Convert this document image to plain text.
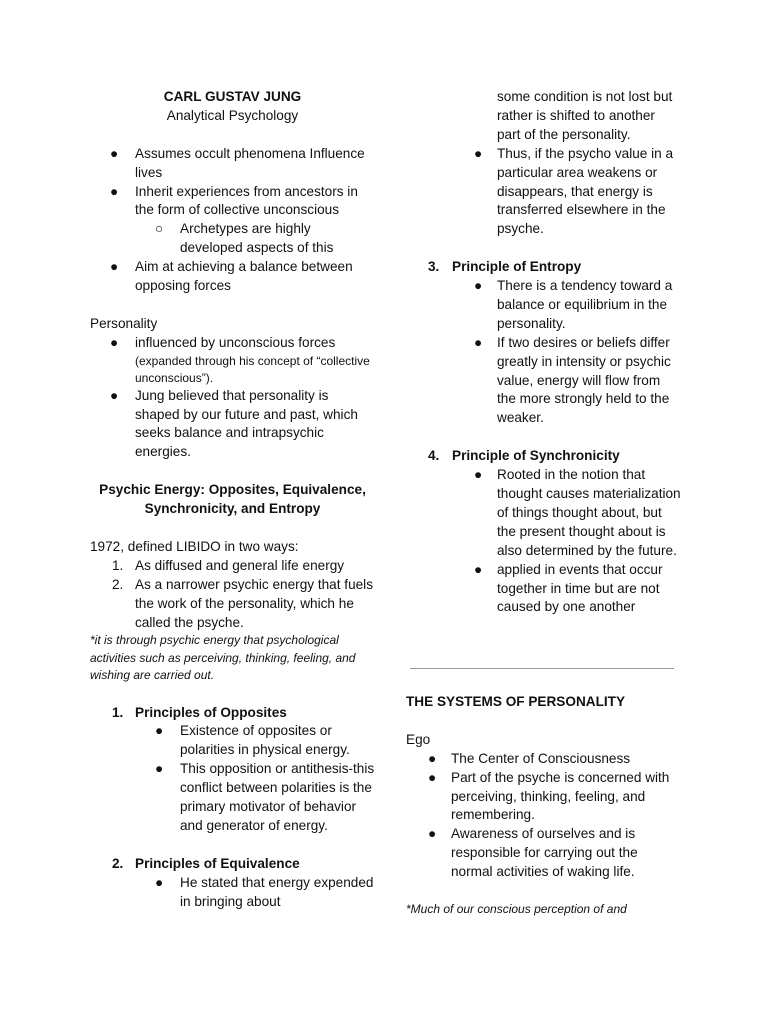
CARL GUSTAV JUNG
Analytical Psychology
● Assumes occult phenomena Influence lives
● Inherit experiences from ancestors in the form of collective unconscious
○ Archetypes are highly developed aspects of this
● Aim at achieving a balance between opposing forces
Personality
● influenced by unconscious forces
(expanded through his concept of “collective unconscious”).
● Jung believed that personality is shaped by our future and past, which seeks balance and intrapsychic energies.
Psychic Energy: Opposites, Equivalence, Synchronicity, and Entropy
1972, defined LIBIDO in two ways:
1. As diffused and general life energy
2. As a narrower psychic energy that fuels the work of the personality, which he called the psyche.
*it is through psychic energy that psychological activities such as perceiving, thinking, feeling, and wishing are carried out.
1. Principles of Opposites
● Existence of opposites or polarities in physical energy.
● This opposition or antithesis-this conflict between polarities is the primary motivator of behavior and generator of energy.
2. Principles of Equivalence
● He stated that energy expended in bringing about
some condition is not lost but rather is shifted to another part of the personality.
● Thus, if the psycho value in a particular area weakens or disappears, that energy is transferred elsewhere in the psyche.
3. Principle of Entropy
● There is a tendency toward a balance or equilibrium in the personality.
● If two desires or beliefs differ greatly in intensity or psychic value, energy will flow from the more strongly held to the weaker.
4. Principle of Synchronicity
● Rooted in the notion that thought causes materialization of things thought about, but the present thought about is also determined by the future.
● applied in events that occur together in time but are not caused by one another
THE SYSTEMS OF PERSONALITY
Ego
● The Center of Consciousness
● Part of the psyche is concerned with perceiving, thinking, feeling, and remembering.
● Awareness of ourselves and is responsible for carrying out the normal activities of waking life.
*Much of our conscious perception of and
